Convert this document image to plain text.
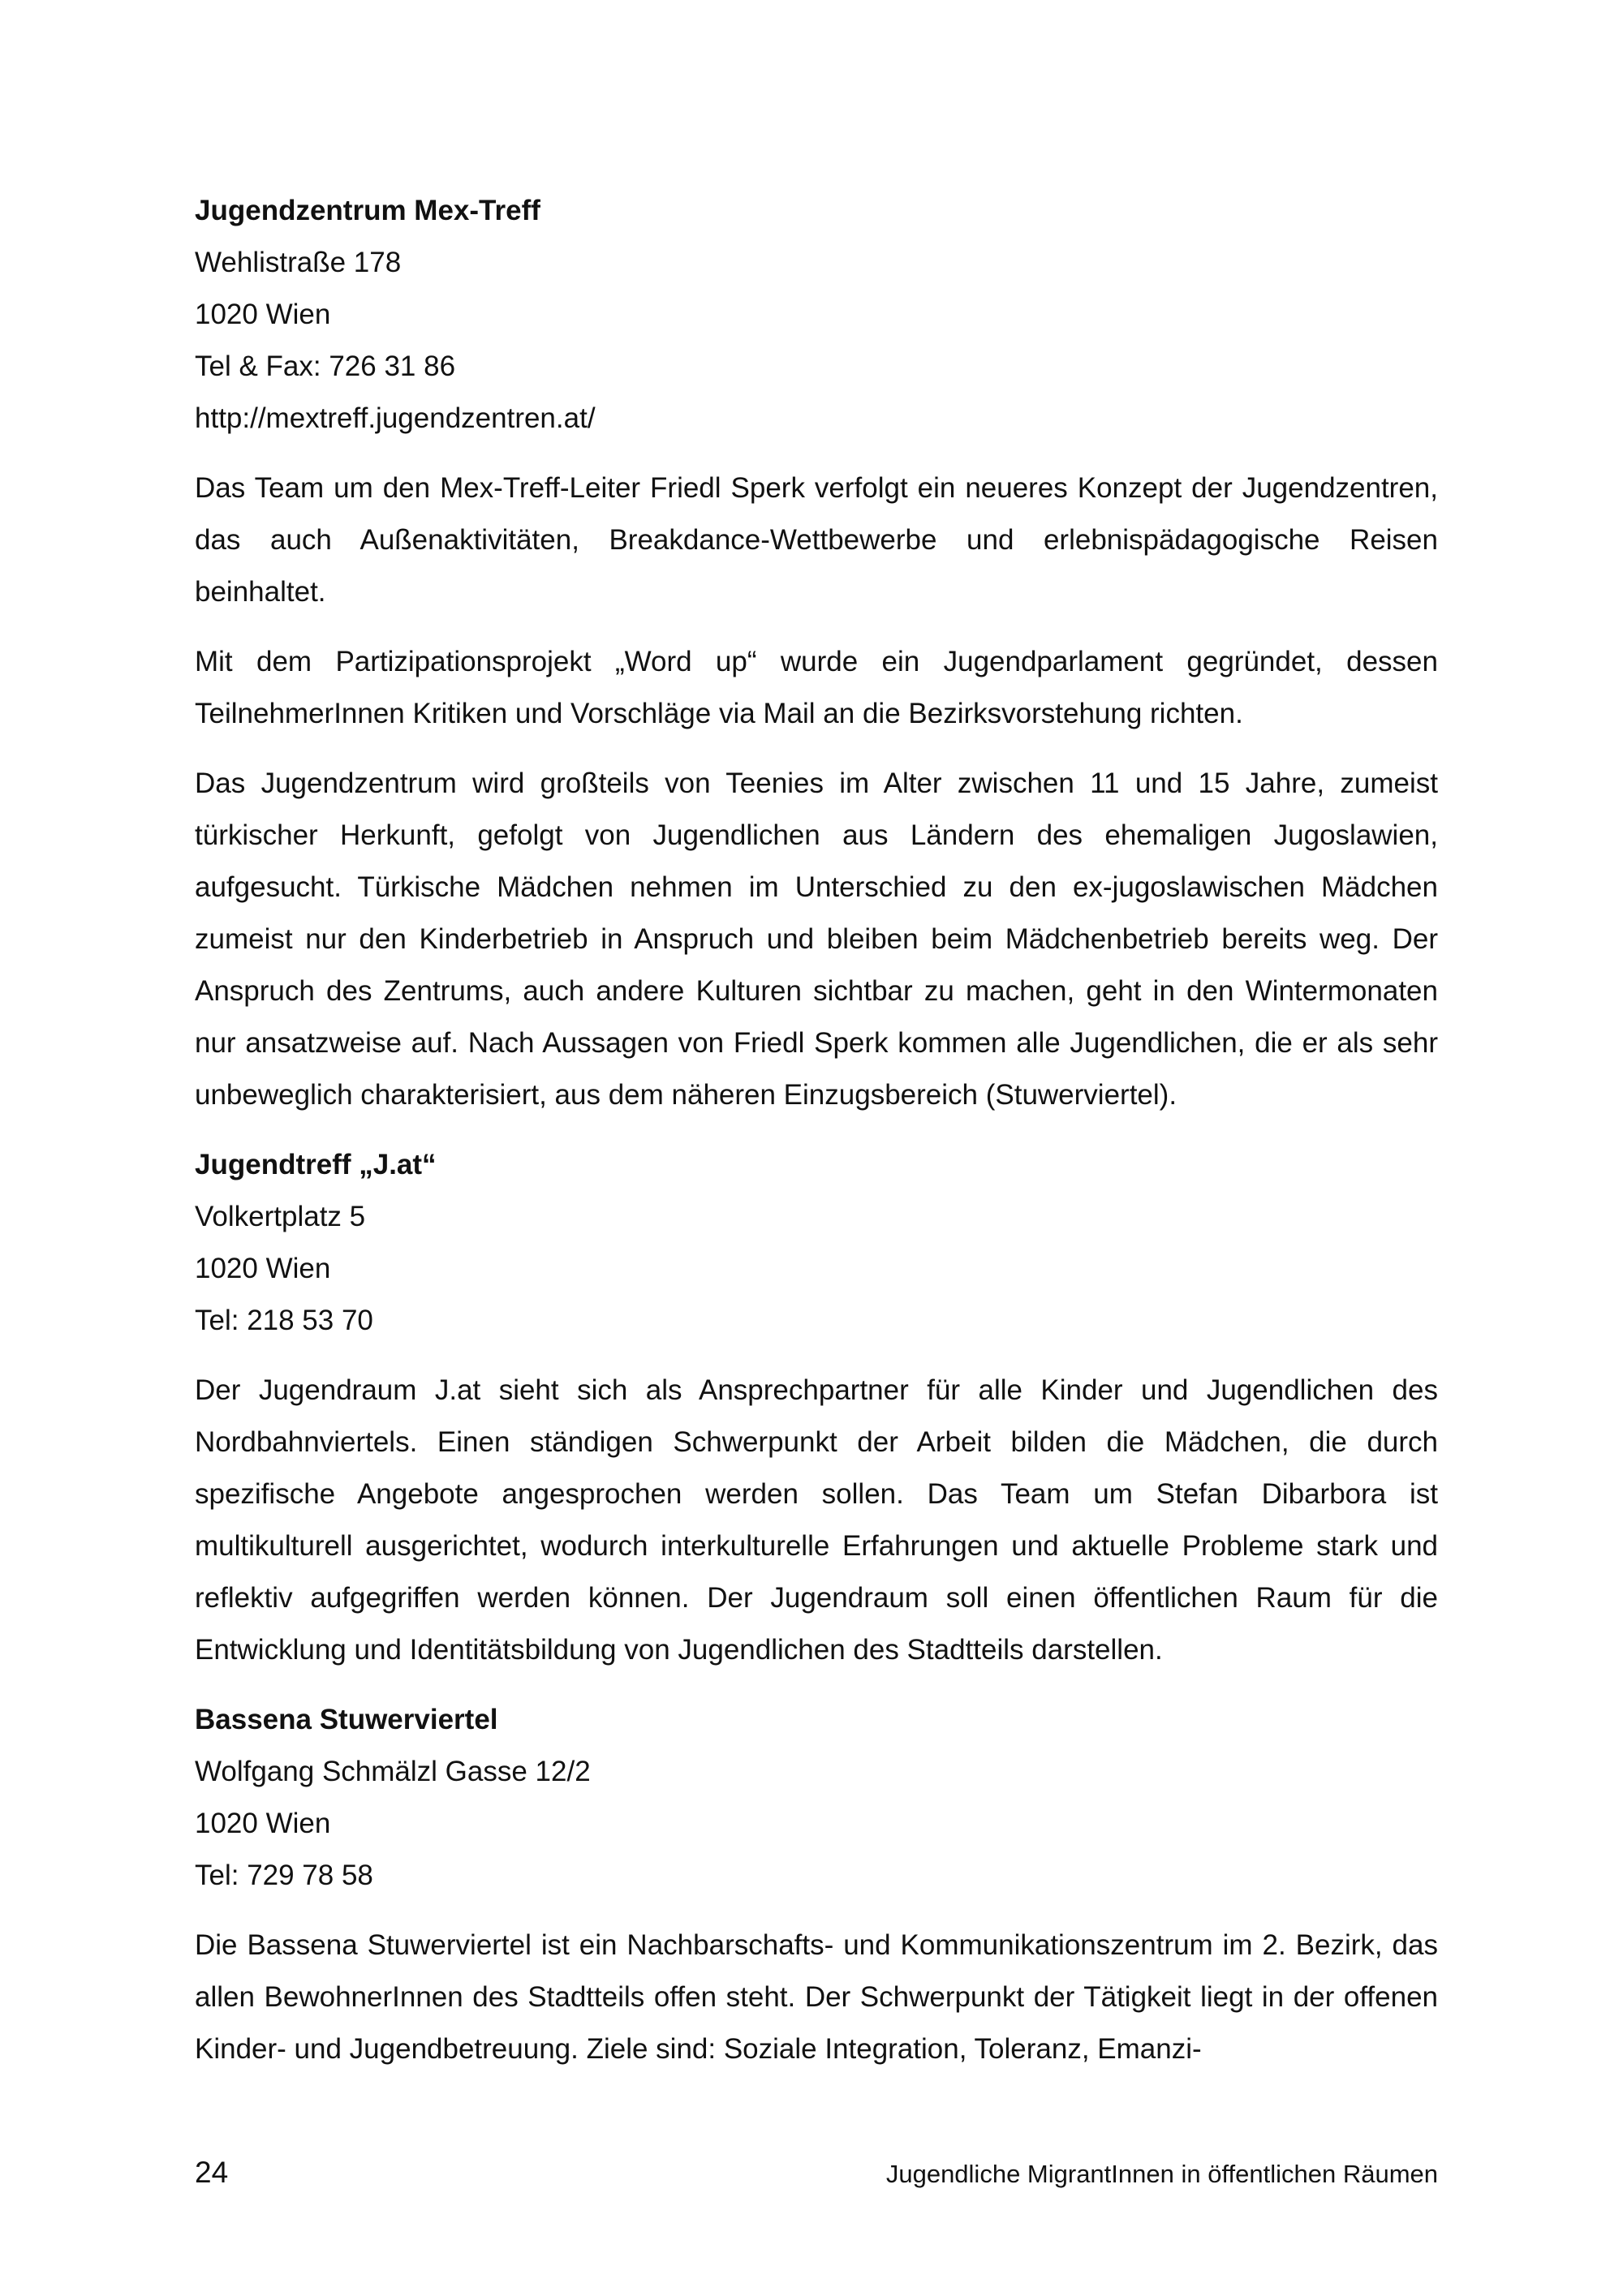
Jugendzentrum Mex-Treff

Wehlistraße 178

1020 Wien

Tel & Fax: 726 31 86

http://mextreff.jugendzentren.at/

Das Team um den Mex-Treff-Leiter Friedl Sperk verfolgt ein neueres Konzept der Jugendzentren, das auch Außenaktivitäten, Breakdance-Wettbewerbe und erlebnispädagogische Reisen beinhaltet.

Mit dem Partizipationsprojekt „Word up“ wurde ein Jugendparlament gegründet, dessen TeilnehmerInnen Kritiken und Vorschläge via Mail an die Bezirksvorstehung richten.

Das Jugendzentrum wird großteils von Teenies im Alter zwischen 11 und 15 Jahre, zumeist türkischer Herkunft, gefolgt von Jugendlichen aus Ländern des ehemaligen Jugoslawien, aufgesucht. Türkische Mädchen nehmen im Unterschied zu den ex-jugoslawischen Mädchen zumeist nur den Kinderbetrieb in Anspruch und bleiben beim Mädchenbetrieb bereits weg. Der Anspruch des Zentrums, auch andere Kulturen sichtbar zu machen, geht in den Wintermonaten nur ansatzweise auf. Nach Aussagen von Friedl Sperk kommen alle Jugendlichen, die er als sehr unbeweglich charakterisiert, aus dem näheren Einzugsbereich (Stuwerviertel).

Jugendtreff „J.at“

Volkertplatz 5

1020 Wien

Tel: 218 53 70

Der Jugendraum J.at sieht sich als Ansprechpartner für alle Kinder und Jugendlichen des Nordbahnviertels. Einen ständigen Schwerpunkt der Arbeit bilden die Mädchen, die durch spezifische Angebote angesprochen werden sollen. Das Team um Stefan Dibarbora ist multikulturell ausgerichtet, wodurch interkulturelle Erfahrungen und aktuelle Probleme stark und reflektiv aufgegriffen werden können. Der Jugendraum soll einen öffentlichen Raum für die Entwicklung und Identitätsbildung von Jugendlichen des Stadtteils darstellen.

Bassena Stuwerviertel

Wolfgang Schmälzl Gasse 12/2

1020 Wien

Tel: 729 78 58

Die Bassena Stuwerviertel ist ein Nachbarschafts- und Kommunikationszentrum im 2. Bezirk, das allen BewohnerInnen des Stadtteils offen steht. Der Schwerpunkt der Tätigkeit liegt in der offenen Kinder- und Jugendbetreuung. Ziele sind: Soziale Integration, Toleranz, Emanzi-

24	Jugendliche MigrantInnen in öffentlichen Räumen
